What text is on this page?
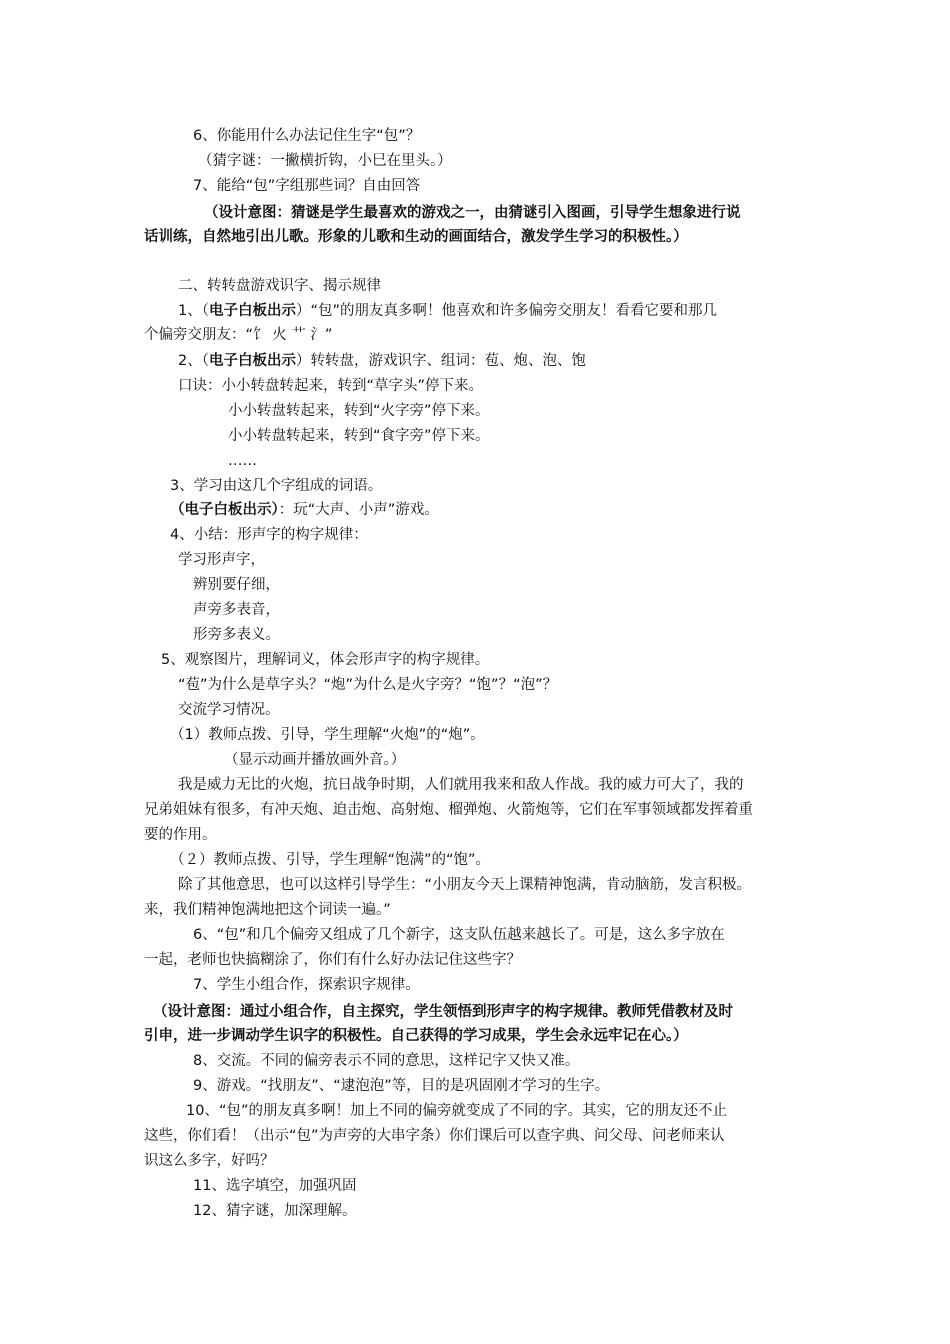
6、你能用什么办法记住生字“包”？
（猜字谜：一撇横折钩，小巳在里头。）
7、能给“包”字组那些词？自由回答
（设计意图：猜谜是学生最喜欢的游戏之一，由猜谜引入图画，引导学生想象进行说
话训练，自然地引出儿歌。形象的儿歌和生动的画面结合，激发学生学习的积极性。）
二、转转盘游戏识字、揭示规律
1、（电子白板出示）“包”的朋友真多啊！他喜欢和许多偏旁交朋友！看看它要和那几
个偏旁交朋友：“饣 火 艹 氵”
2、（电子白板出示）转转盘，游戏识字、组词：苞、炮、泡、饱
口诀：小小转盘转起来，转到“草字头”停下来。
小小转盘转起来，转到“火字旁”停下来。
小小转盘转起来，转到“食字旁”停下来。
……
3、学习由这几个字组成的词语。
（电子白板出示）：玩“大声、小声”游戏。
4、小结：形声字的构字规律：
学习形声字，
辨别要仔细，
声旁多表音，
形旁多表义。
5、观察图片，理解词义，体会形声字的构字规律。
“苞”为什么是草字头？“炮”为什么是火字旁？“饱”？“泡”？
交流学习情况。
（1）教师点拨、引导，学生理解“火炮”的“炮”。
（显示动画并播放画外音。）
我是威力无比的火炮，抗日战争时期，人们就用我来和敌人作战。我的威力可大了，我的
兄弟姐妹有很多，有冲天炮、迫击炮、高射炮、榴弹炮、火箭炮等，它们在军事领域都发挥着重
要的作用。
（２）教师点拨、引导，学生理解“饱满”的“饱”。
除了其他意思，也可以这样引导学生：“小朋友今天上课精神饱满，肯动脑筋，发言积极。
来，我们精神饱满地把这个词读一遍。”
6、“包”和几个偏旁又组成了几个新字，这支队伍越来越长了。可是，这么多字放在
一起，老师也快搞糊涂了，你们有什么好办法记住这些字？
7、学生小组合作，探索识字规律。
（设计意图：通过小组合作，自主探究，学生领悟到形声字的构字规律。教师凭借教材及时
引申，进一步调动学生识字的积极性。自己获得的学习成果，学生会永远牢记在心。）
8、交流。不同的偏旁表示不同的意思，这样记字又快又准。
9、游戏。“找朋友”、“逮泡泡”等，目的是巩固刚才学习的生字。
10、“包”的朋友真多啊！加上不同的偏旁就变成了不同的字。其实，它的朋友还不止
这些，你们看！（出示“包”为声旁的大串字条）你们课后可以查字典、问父母、问老师来认
识这么多字，好吗？
11、选字填空，加强巩固
12、猜字谜，加深理解。
